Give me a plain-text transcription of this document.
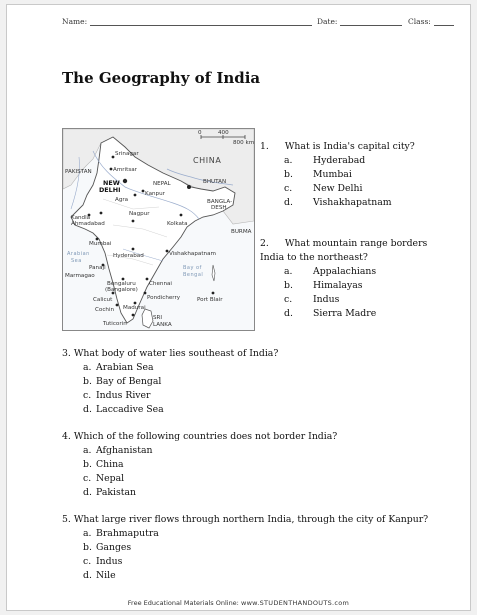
Name:	Date:	Class:
The Geography of India
0	400
800 km
CHINA
PAKISTAN
NEPAL	BHUTAN
BANGLA-
DESH
BURMA
Srinagar
Amritsar
NEW
DELHI	Kanpur
Agra
Kandla
Ahmadabad
Nagpur
Kolkata
Mumbai
Hyderabad	Vishakhapatnam
Panaji
Marmagao
Bengaluru
(Bangalore)
Chennai
Pondicherry
Calicut
Cochin Madurai
Tuticorin
Port Blair
Bay of
Bengal
Arabian
Sea
SRI
LANKA
1. What is India's capital city?
a. Hyderabad
b. Mumbai
c. New Delhi
d. Vishakhapatnam
2. What mountain range borders
India to the northeast?
a. Appalachians
b. Himalayas
c. Indus
d. Sierra Madre
3. What body of water lies southeast of India?
a. Arabian Sea
b. Bay of Bengal
c. Indus River
d. Laccadive Sea
4. Which of the following countries does not border India?
a. Afghanistan
b. China
c. Nepal
d. Pakistan
5. What large river flows through northern India, through the city of Kanpur?
a. Brahmaputra
b. Ganges
c. Indus
d. Nile
Free Educational Materials Online: www.STUDENTHANDOUTS.com
